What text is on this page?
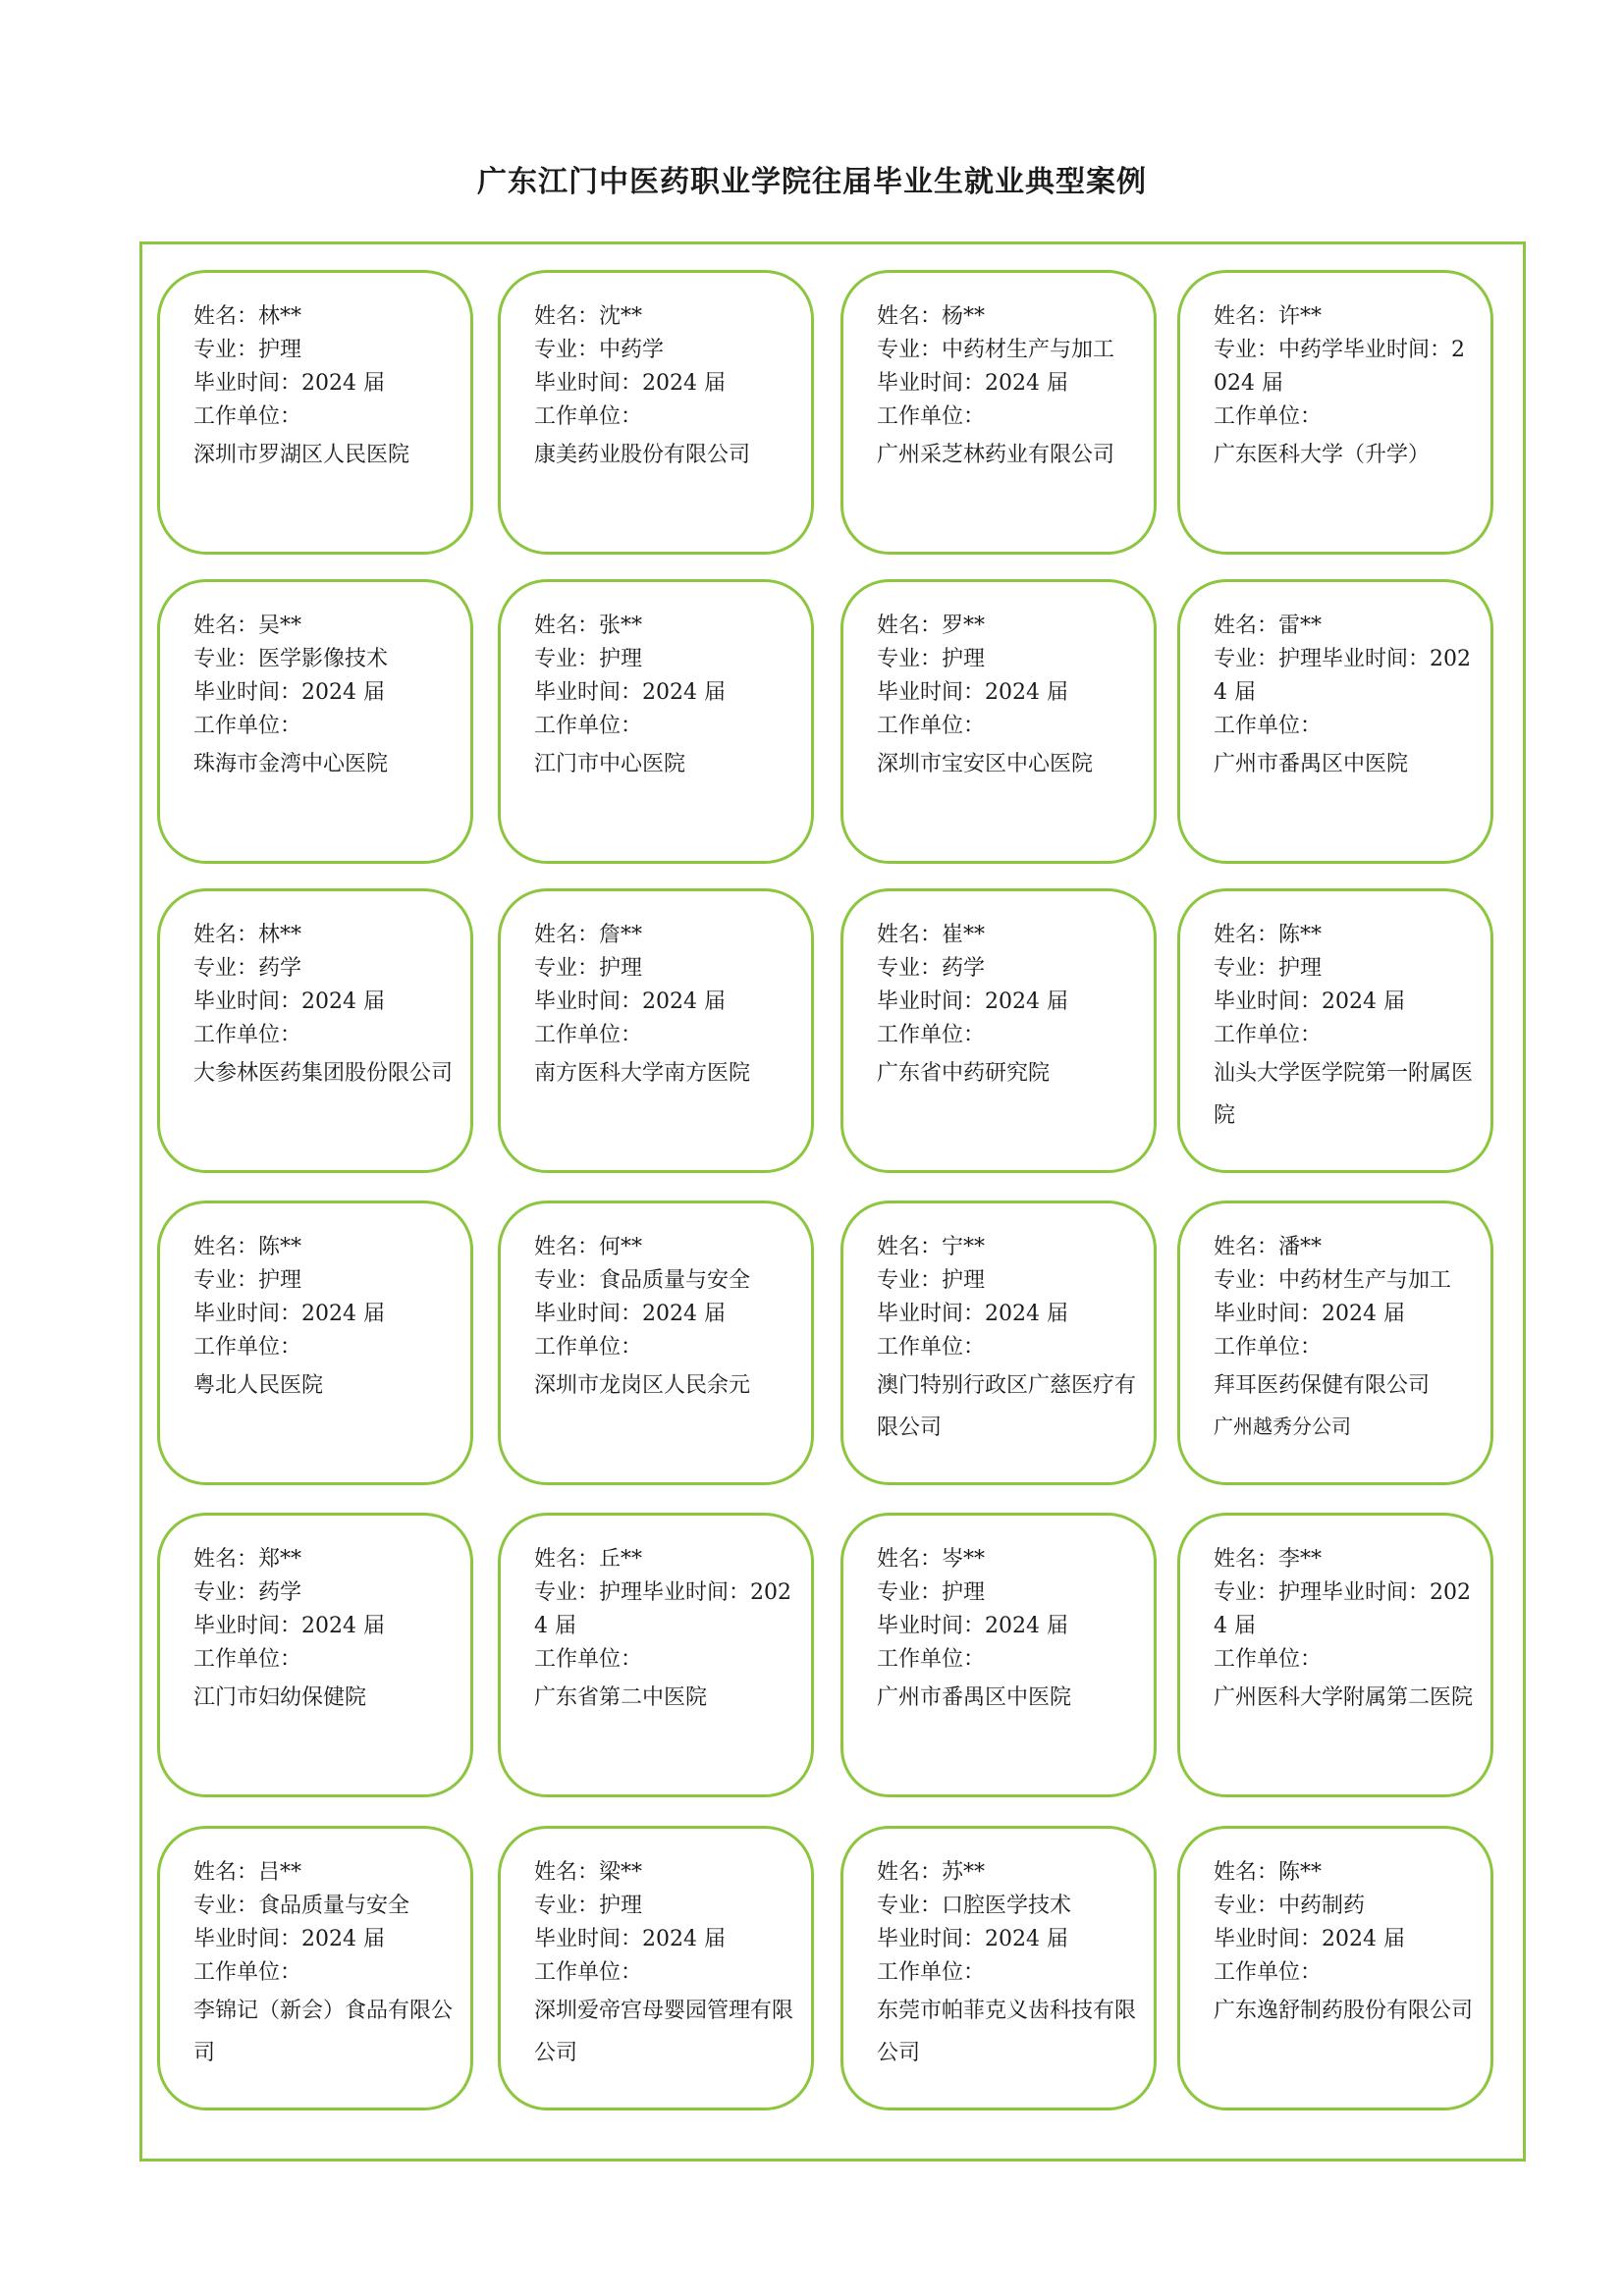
广东江门中医药职业学院往届毕业生就业典型案例
姓名：林**
专业：护理
毕业时间：2024 届
工作单位：
深圳市罗湖区人民医院
姓名：沈**
专业：中药学
毕业时间：2024 届
工作单位：
康美药业股份有限公司
姓名：杨**
专业：中药材生产与加工
毕业时间：2024 届
工作单位：
广州采芝林药业有限公司
姓名：许**
专业：中药学毕业时间：2024 届
工作单位：
广东医科大学（升学）
姓名：吴**
专业：医学影像技术
毕业时间：2024 届
工作单位：
珠海市金湾中心医院
姓名：张**
专业：护理
毕业时间：2024 届
工作单位：
江门市中心医院
姓名：罗**
专业：护理
毕业时间：2024 届
工作单位：
深圳市宝安区中心医院
姓名：雷**
专业：护理毕业时间：2024 届
工作单位：
广州市番禺区中医院
姓名：林**
专业：药学
毕业时间：2024 届
工作单位：
大参林医药集团股份限公司
姓名：詹**
专业：护理
毕业时间：2024 届
工作单位：
南方医科大学南方医院
姓名：崔**
专业：药学
毕业时间：2024 届
工作单位：
广东省中药研究院
姓名：陈**
专业：护理
毕业时间：2024 届
工作单位：
汕头大学医学院第一附属医院
姓名：陈**
专业：护理
毕业时间：2024 届
工作单位：
粤北人民医院
姓名：何**
专业：食品质量与安全
毕业时间：2024 届
工作单位：
深圳市龙岗区人民余元
姓名：宁**
专业：护理
毕业时间：2024 届
工作单位：
澳门特别行政区广慈医疗有限公司
姓名：潘**
专业：中药材生产与加工
毕业时间：2024 届
工作单位：
拜耳医药保健有限公司
广州越秀分公司
姓名：郑**
专业：药学
毕业时间：2024 届
工作单位：
江门市妇幼保健院
姓名：丘**
专业：护理毕业时间：2024 届
工作单位：
广东省第二中医院
姓名：岑**
专业：护理
毕业时间：2024 届
工作单位：
广州市番禺区中医院
姓名：李**
专业：护理毕业时间：2024 届
工作单位：
广州医科大学附属第二医院
姓名：吕**
专业：食品质量与安全
毕业时间：2024 届
工作单位：
李锦记（新会）食品有限公司
姓名：梁**
专业：护理
毕业时间：2024 届
工作单位：
深圳爱帝宫母婴园管理有限公司
姓名：苏**
专业：口腔医学技术
毕业时间：2024 届
工作单位：
东莞市帕菲克义齿科技有限公司
姓名：陈**
专业：中药制药
毕业时间：2024 届
工作单位：
广东逸舒制药股份有限公司
